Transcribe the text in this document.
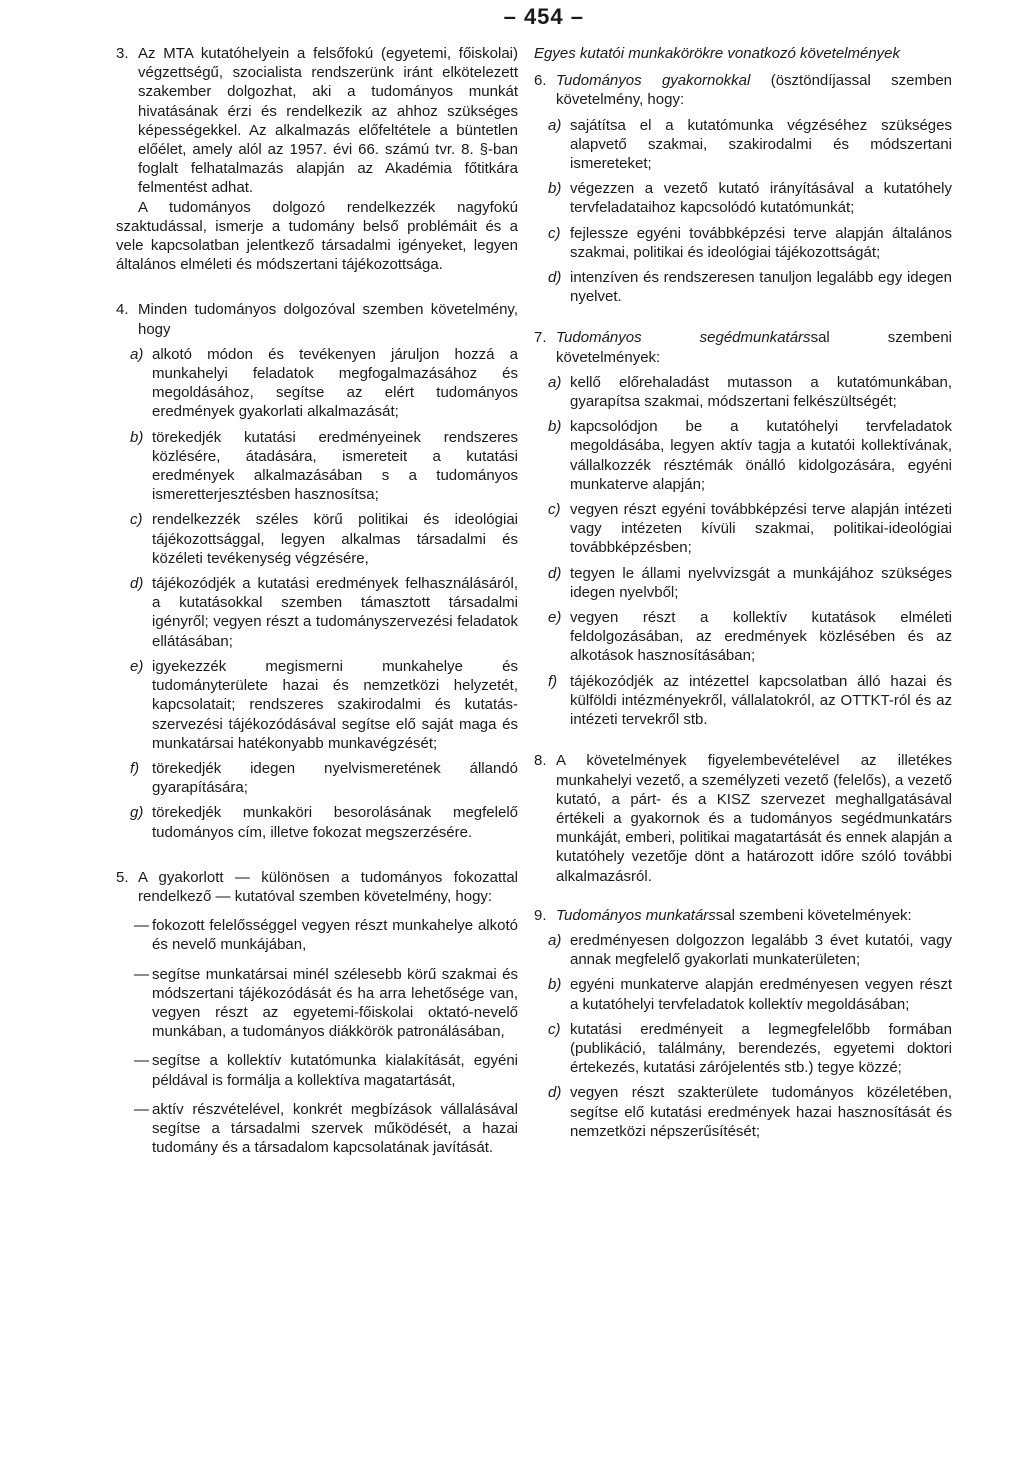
– 454 –
3. Az MTA kutatóhelyein a felsőfokú (egyetemi, főiskolai) végzettségű, szocialista rendszerünk iránt elkötelezett szakember dolgozhat, aki a tudományos munkát hivatásának érzi és rendelkezik az ahhoz szükséges képességekkel. Az alkalmazás előfeltétele a büntetlen előélet, amely alól az 1957. évi 66. számú tvr. 8. §-ban foglalt felhatalmazás alapján az Akadémia főtitkára felmentést adhat.

A tudományos dolgozó rendelkezzék nagyfokú szaktudással, ismerje a tudomány belső problémáit és a vele kapcsolatban jelentkező társadalmi igényeket, legyen általános elméleti és módszertani tájékozottsága.

4. Minden tudományos dolgozóval szemben követelmény, hogy

a) alkotó módon és tevékenyen járuljon hozzá a munkahelyi feladatok megfogalmazásához és megoldásához, segítse az elért tudományos eredmények gyakorlati alkalmazását;

b) törekedjék kutatási eredményeinek rendszeres közlésére, átadására, ismereteit a kutatási eredmények alkalmazásában s a tudományos ismeretterjesztésben hasznosítsa;

c) rendelkezzék széles körű politikai és ideológiai tájékozottsággal, legyen alkalmas társadalmi és közéleti tevékenység végzésére,

d) tájékozódjék a kutatási eredmények felhasználásáról, a kutatásokkal szemben támasztott társadalmi igényről; vegyen részt a tudományszervezési feladatok ellátásában;

e) igyekezzék megismerni munkahelye és tudományterülete hazai és nemzetközi helyzetét, kapcsolatait; rendszeres szakirodalmi és kutatás-szervezési tájékozódásával segítse elő saját maga és munkatársai hatékonyabb munkavégzését;

f) törekedjék idegen nyelvismeretének állandó gyarapítására;

g) törekedjék munkaköri besorolásának megfelelő tudományos cím, illetve fokozat megszerzésére.

5. A gyakorlott — különösen a tudományos fokozattal rendelkező — kutatóval szemben követelmény, hogy:

— fokozott felelősséggel vegyen részt munkahelye alkotó és nevelő munkájában,

— segítse munkatársai minél szélesebb körű szakmai és módszertani tájékozódását és ha arra lehetősége van, vegyen részt az egyetemi-főiskolai oktató-nevelő munkában, a tudományos diákkörök patronálásában,

— segítse a kollektív kutatómunka kialakítását, egyéni példával is formálja a kollektíva magatartását,

— aktív részvételével, konkrét megbízások vállalásával segítse a társadalmi szervek működését, a hazai tudomány és a társadalom kapcsolatának javítását.

Egyes kutatói munkakörökre vonatkozó követelmények

6. Tudományos gyakornokkal (ösztöndíjassal szemben követelmény, hogy:

a) sajátítsa el a kutatómunka végzéséhez szükséges alapvető szakmai, szakirodalmi és módszertani ismereteket;

b) végezzen a vezető kutató irányításával a kutatóhely tervfeladataihoz kapcsolódó kutatómunkát;

c) fejlessze egyéni továbbképzési terve alapján általános szakmai, politikai és ideológiai tájékozottságát;

d) intenzíven és rendszeresen tanuljon legalább egy idegen nyelvet.

7. Tudományos segédmunkatárssal szembeni követelmények:

a) kellő előrehaladást mutasson a kutatómunkában, gyarapítsa szakmai, módszertani felkészültségét;

b) kapcsolódjon be a kutatóhelyi tervfeladatok megoldásába, legyen aktív tagja a kutatói kollektívának, vállalkozzék résztémák önálló kidolgozására, egyéni munkaterve alapján;

c) vegyen részt egyéni továbbképzési terve alapján intézeti vagy intézeten kívüli szakmai, politikai-ideológiai továbbképzésben;

d) tegyen le állami nyelvvizsgát a munkájához szükséges idegen nyelvből;

e) vegyen részt a kollektív kutatások elméleti feldolgozásában, az eredmények közlésében és az alkotások hasznosításában;

f) tájékozódjék az intézettel kapcsolatban álló hazai és külföldi intézményekről, vállalatokról, az OTTKT-ról és az intézeti tervekről stb.

8. A követelmények figyelembevételével az illetékes munkahelyi vezető, a személyzeti vezető (felelős), a vezető kutató, a párt- és a KISZ szervezet meghallgatásával értékeli a gyakornok és a tudományos segédmunkatárs munkáját, emberi, politikai magatartását és ennek alapján a kutatóhely vezetője dönt a határozott időre szóló további alkalmazásról.

9. Tudományos munkatárssal szembeni követelmények:

a) eredményesen dolgozzon legalább 3 évet kutatói, vagy annak megfelelő gyakorlati munkaterületen;

b) egyéni munkaterve alapján eredményesen vegyen részt a kutatóhelyi tervfeladatok kollektív megoldásában;

c) kutatási eredményeit a legmegfelelőbb formában (publikáció, találmány, berendezés, egyetemi doktori értekezés, kutatási zárójelentés stb.) tegye közzé;

d) vegyen részt szakterülete tudományos közéletében, segítse elő kutatási eredmények hazai hasznosítását és nemzetközi népszerűsítését;
